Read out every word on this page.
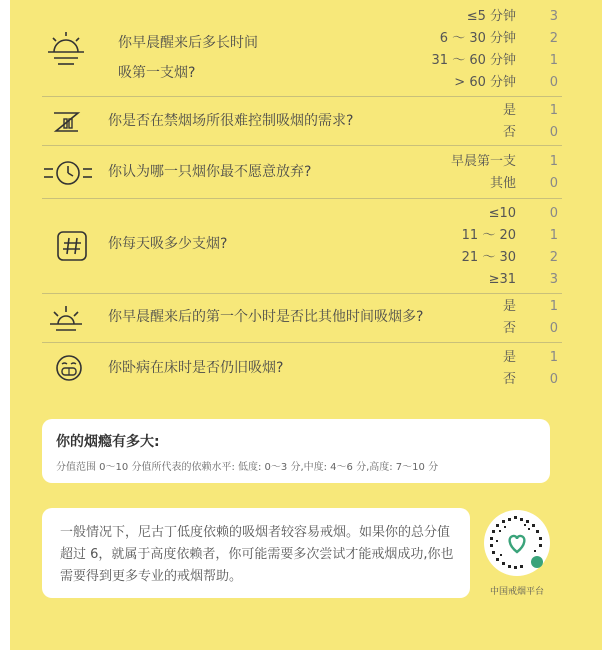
你早晨醒来后多长时间
吸第一支烟?
≤5 分钟
6 ～ 30 分钟
31 ～ 60 分钟
> 60 分钟
3
2
1
0
你是否在禁烟场所很难控制吸烟的需求?
是
否
1
0
你认为哪一只烟你最不愿意放弃?
早晨第一支
其他
1
0
你每天吸多少支烟?
≤10
11 ～ 20
21 ～ 30
≥31
0
1
2
3
你早晨醒来后的第一个小时是否比其他时间吸烟多?
是
否
1
0
你卧病在床时是否仍旧吸烟?
是
否
1
0
你的烟瘾有多大:
分值范围 0～10 分值所代表的依赖水平: 低度: 0～3 分,中度: 4～6 分,高度: 7～10 分
一般情况下，尼古丁低度依赖的吸烟者较容易戒烟。如果你的总分值超过 6，就属于高度依赖者，你可能需要多次尝试才能戒烟成功,你也需要得到更多专业的戒烟帮助。
中国戒烟平台
